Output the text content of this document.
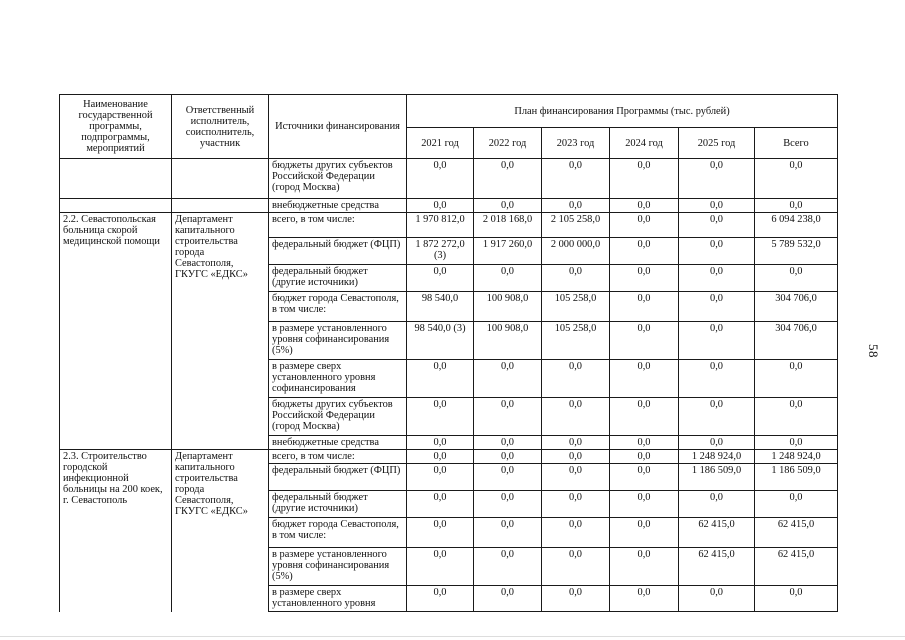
Наименование государственной программы, подпрограммы, мероприятий	Ответственный исполнитель, соисполнитель, участник	Источники финансирования	План финансирования Программы (тыс. рублей)					
			2021 год	2022 год	2023 год	2024 год	2025 год	Всего
		бюджеты других субъектов Российской Федерации (город Москва)	0,0	0,0	0,0	0,0	0,0	0,0
		внебюджетные средства	0,0	0,0	0,0	0,0	0,0	0,0
2.2. Севастопольская больница скорой медицинской помощи	Департамент капитального строительства города Севастополя, ГКУГС «ЕДКС»	всего, в том числе:	1 970 812,0	2 018 168,0	2 105 258,0	0,0	0,0	6 094 238,0
		федеральный бюджет (ФЦП)	1 872 272,0 (3)	1 917 260,0	2 000 000,0	0,0	0,0	5 789 532,0
		федеральный бюджет (другие источники)	0,0	0,0	0,0	0,0	0,0	0,0
		бюджет города Севастополя, в том числе:	98 540,0	100 908,0	105 258,0	0,0	0,0	304 706,0
		в размере установленного уровня софинансирования (5%)	98 540,0 (3)	100 908,0	105 258,0	0,0	0,0	304 706,0
		в размере сверх установленного уровня софинансирования	0,0	0,0	0,0	0,0	0,0	0,0
		бюджеты других субъектов Российской Федерации (город Москва)	0,0	0,0	0,0	0,0	0,0	0,0
		внебюджетные средства	0,0	0,0	0,0	0,0	0,0	0,0
2.3. Строительство городской инфекционной больницы на 200 коек, г. Севастополь	Департамент капитального строительства города Севастополя, ГКУГС «ЕДКС»	всего, в том числе:	0,0	0,0	0,0	0,0	1 248 924,0	1 248 924,0
		федеральный бюджет (ФЦП)	0,0	0,0	0,0	0,0	1 186 509,0	1 186 509,0
		федеральный бюджет (другие источники)	0,0	0,0	0,0	0,0	0,0	0,0
		бюджет города Севастополя, в том числе:	0,0	0,0	0,0	0,0	62 415,0	62 415,0
		в размере установленного уровня софинансирования (5%)	0,0	0,0	0,0	0,0	62 415,0	62 415,0
		в размере сверх установленного уровня	0,0	0,0	0,0	0,0	0,0	0,0
58
